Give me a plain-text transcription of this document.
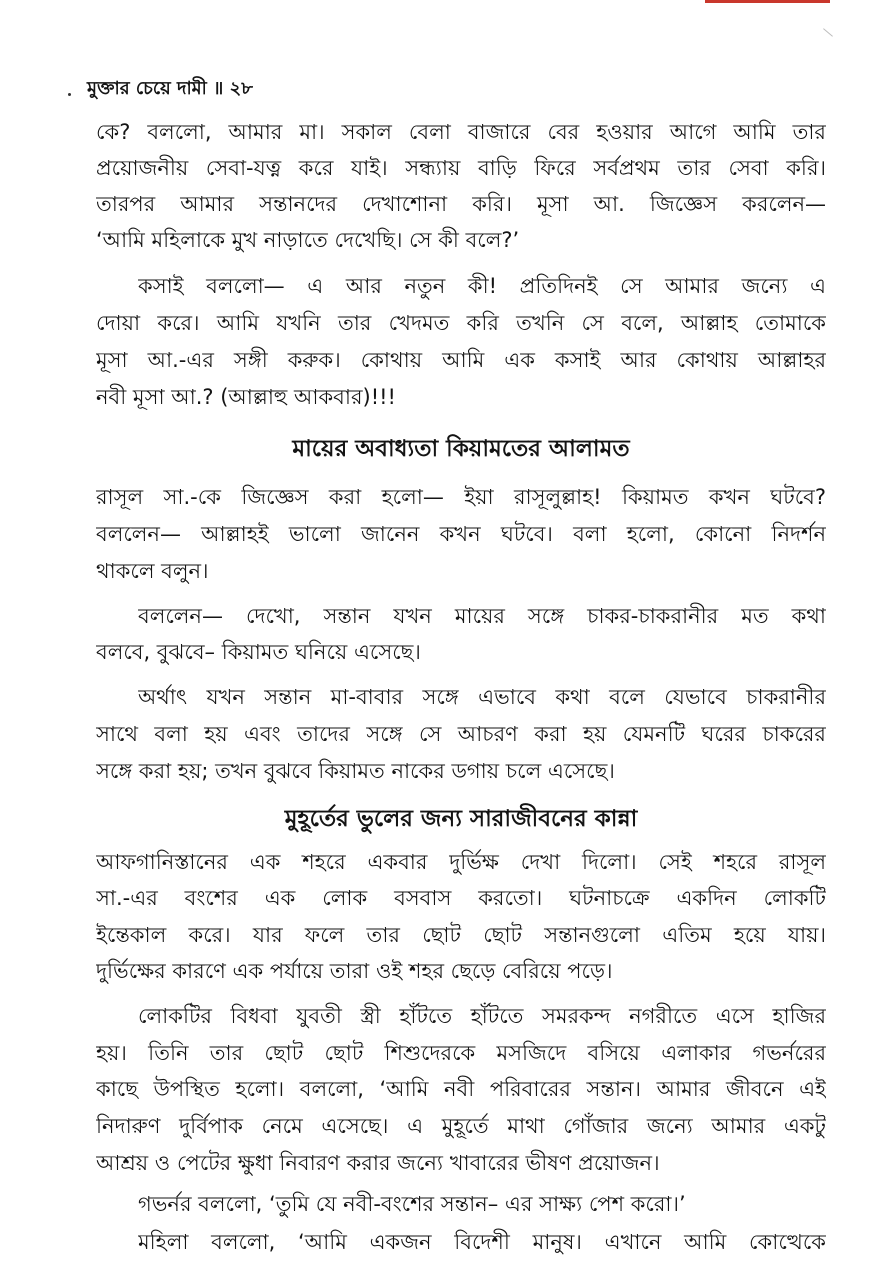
মুক্তার চেয়ে দামী ॥ ২৮
কে? বললো, আমার মা। সকাল বেলা বাজারে বের হওয়ার আগে আমি তার
প্রয়োজনীয় সেবা-যত্ন করে যাই। সন্ধ্যায় বাড়ি ফিরে সর্বপ্রথম তার সেবা করি।
তারপর আমার সন্তানদের দেখাশোনা করি। মূসা আ. জিজ্ঞেস করলেন—
‘আমি মহিলাকে মুখ নাড়াতে দেখেছি। সে কী বলে?’
কসাই বললো— এ আর নতুন কী! প্রতিদিনই সে আমার জন্যে এ
দোয়া করে। আমি যখনি তার খেদমত করি তখনি সে বলে, আল্লাহ তোমাকে
মূসা আ.-এর সঙ্গী করুক। কোথায় আমি এক কসাই আর কোথায় আল্লাহর
নবী মূসা আ.? (আল্লাহু আকবার)!!!
মায়ের অবাধ্যতা কিয়ামতের আলামত
রাসূল সা.-কে জিজ্ঞেস করা হলো— ইয়া রাসূলুল্লাহ! কিয়ামত কখন ঘটবে?
বললেন— আল্লাহই ভালো জানেন কখন ঘটবে। বলা হলো, কোনো নিদর্শন
থাকলে বলুন।
বললেন— দেখো, সন্তান যখন মায়ের সঙ্গে চাকর-চাকরানীর মত কথা
বলবে, বুঝবে– কিয়ামত ঘনিয়ে এসেছে।
অর্থাৎ যখন সন্তান মা-বাবার সঙ্গে এভাবে কথা বলে যেভাবে চাকরানীর
সাথে বলা হয় এবং তাদের সঙ্গে সে আচরণ করা হয় যেমনটি ঘরের চাকরের
সঙ্গে করা হয়; তখন বুঝবে কিয়ামত নাকের ডগায় চলে এসেছে।
মুহূর্তের ভুলের জন্য সারাজীবনের কান্না
আফগানিস্তানের এক শহরে একবার দুর্ভিক্ষ দেখা দিলো। সেই শহরে রাসূল
সা.-এর বংশের এক লোক বসবাস করতো। ঘটনাচক্রে একদিন লোকটি
ইন্তেকাল করে। যার ফলে তার ছোট ছোট সন্তানগুলো এতিম হয়ে যায়।
দুর্ভিক্ষের কারণে এক পর্যায়ে তারা ওই শহর ছেড়ে বেরিয়ে পড়ে।
লোকটির বিধবা যুবতী স্ত্রী হাঁটতে হাঁটতে সমরকন্দ নগরীতে এসে হাজির
হয়। তিনি তার ছোট ছোট শিশুদেরকে মসজিদে বসিয়ে এলাকার গভর্নরের
কাছে উপস্থিত হলো। বললো, ‘আমি নবী পরিবারের সন্তান। আমার জীবনে এই
নিদারুণ দুর্বিপাক নেমে এসেছে। এ মুহূর্তে মাথা গোঁজার জন্যে আমার একটু
আশ্রয় ও পেটের ক্ষুধা নিবারণ করার জন্যে খাবারের ভীষণ প্রয়োজন।
গভর্নর বললো, ‘তুমি যে নবী-বংশের সন্তান– এর সাক্ষ্য পেশ করো।’
মহিলা বললো, ‘আমি একজন বিদেশী মানুষ। এখানে আমি কোত্থেকে
